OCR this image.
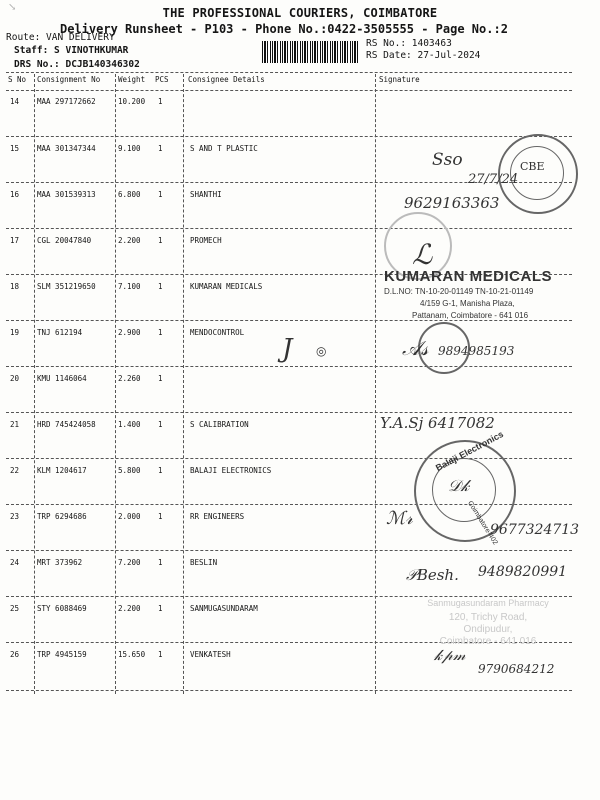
THE PROFESSIONAL COURIERS, COIMBATORE
Delivery Runsheet - P103 - Phone No.:0422-3505555 - Page No.:2
Route: VAN DELIVERY
Staff: S VINOTHKUMAR
DRS No.: DCJB140346302
RS No.: 1403463
RS Date: 27-Jul-2024
S No Consignment No Weight PCS	Consignee Details	Signature
14 MAA 297172662	10.200 1
15 MAA 301347344	9.100 1	S AND T PLASTIC
16 MAA 301539313	6.800 1	SHANTHI
17 CGL 20047840	2.200 1	PROMECH
18 SLM 351219650	7.100 1	KUMARAN MEDICALS
19 TNJ 612194	2.900 1	MENDOCONTROL
20 KMU 1146064	2.260 1
21 HRD 745424058	1.400 1	S CALIBRATION
22 KLM 1204617	5.800 1	BALAJI ELECTRONICS
23 TRP 6294686	2.000 1	RR ENGINEERS
24 MRT 373962	7.200 1	BESLIN
25 STY 6088469	2.200 1	SANMUGASUNDARAM
26 TRP 4945159	15.650 1	VENKATESH
CBE
Sso
27/7/24
9629163363
ℒ
KUMARAN MEDICALS
D.L.NO: TN-10-20-01149 TN-10-21-01149
4/159 G-1, Manisha Plaza,
Pattanam, Coimbatore - 641 016
𝒜𝓈 9894985193
J ◎
Y.A.Sj 6417082
Balaji Electronics
Coimbatore-402
𝒟𝓀
ℳ𝓇
9677324713
𝒫Besh. 9489820991
Sanmugasundaram Pharmacy
120, Trichy Road,
Ondipudur,
Coimbatore - 641 016
𝓀𝓅𝓂
9790684212
↘
